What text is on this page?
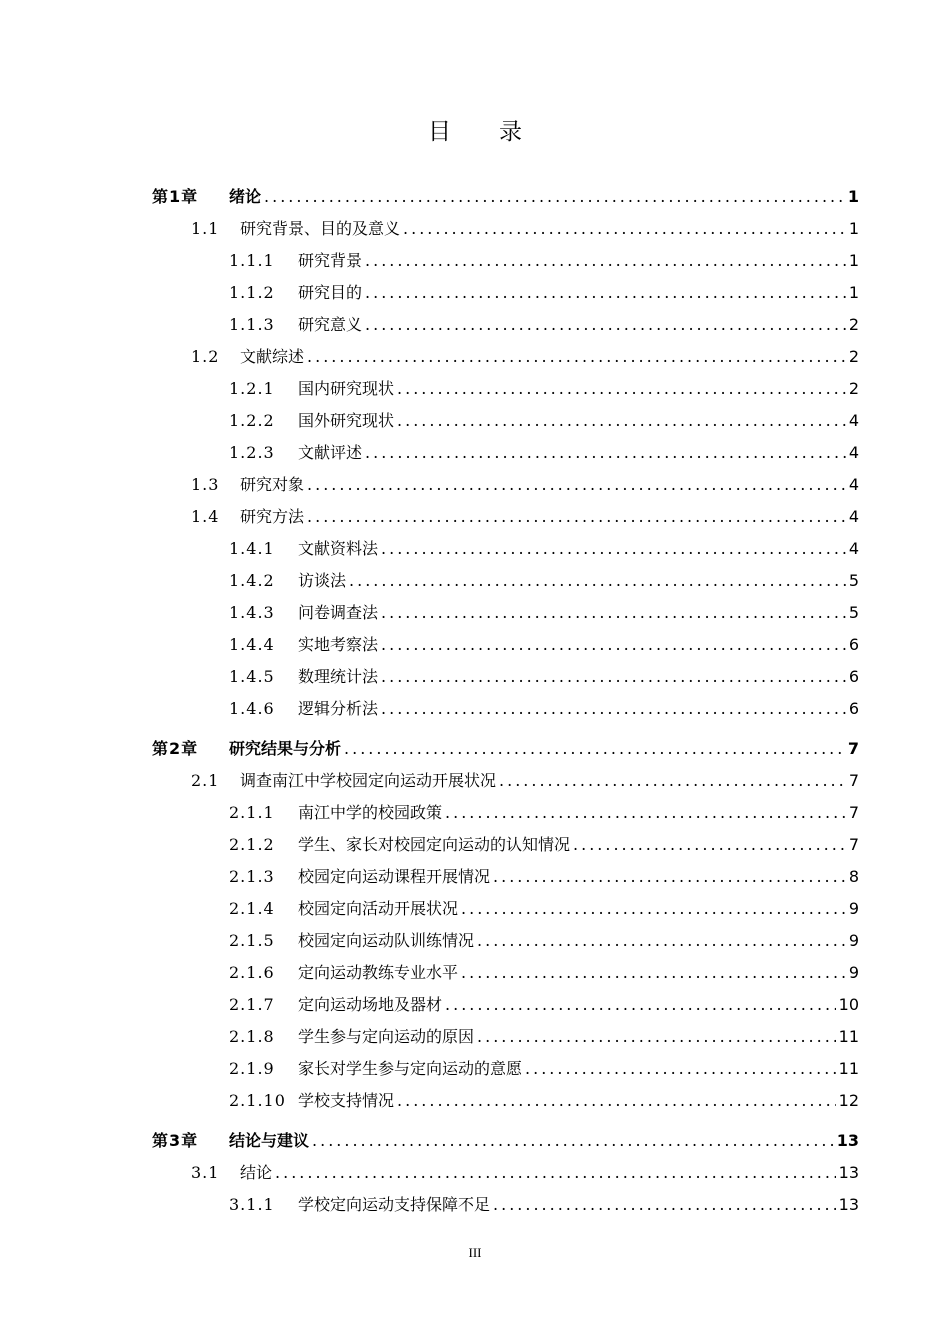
目录
第1章	绪论 .....	1
1.1	研究背景、目的及意义 .....	1
1.1.1	研究背景 .....	1
1.1.2	研究目的 .....	1
1.1.3	研究意义 .....	2
1.2	文献综述 .....	2
1.2.1	国内研究现状 .....	2
1.2.2	国外研究现状 .....	4
1.2.3	文献评述 .....	4
1.3	研究对象 .....	4
1.4	研究方法 .....	4
1.4.1	文献资料法 .....	4
1.4.2	访谈法 .....	5
1.4.3	问卷调查法 .....	5
1.4.4	实地考察法 .....	6
1.4.5	数理统计法 .....	6
1.4.6	逻辑分析法 .....	6
第2章	研究结果与分析 .....	7
2.1	调查南江中学校园定向运动开展状况 .....	7
2.1.1	南江中学的校园政策 .....	7
2.1.2	学生、家长对校园定向运动的认知情况 .....	7
2.1.3	校园定向运动课程开展情况 .....	8
2.1.4	校园定向活动开展状况 .....	9
2.1.5	校园定向运动队训练情况 .....	9
2.1.6	定向运动教练专业水平 .....	9
2.1.7	定向运动场地及器材 .....	10
2.1.8	学生参与定向运动的原因 .....	11
2.1.9	家长对学生参与定向运动的意愿 .....	11
2.1.10 学校支持情况 .....	12
第3章	结论与建议 .....	13
3.1	结论 .....	13
3.1.1	学校定向运动支持保障不足 .....	13
III
